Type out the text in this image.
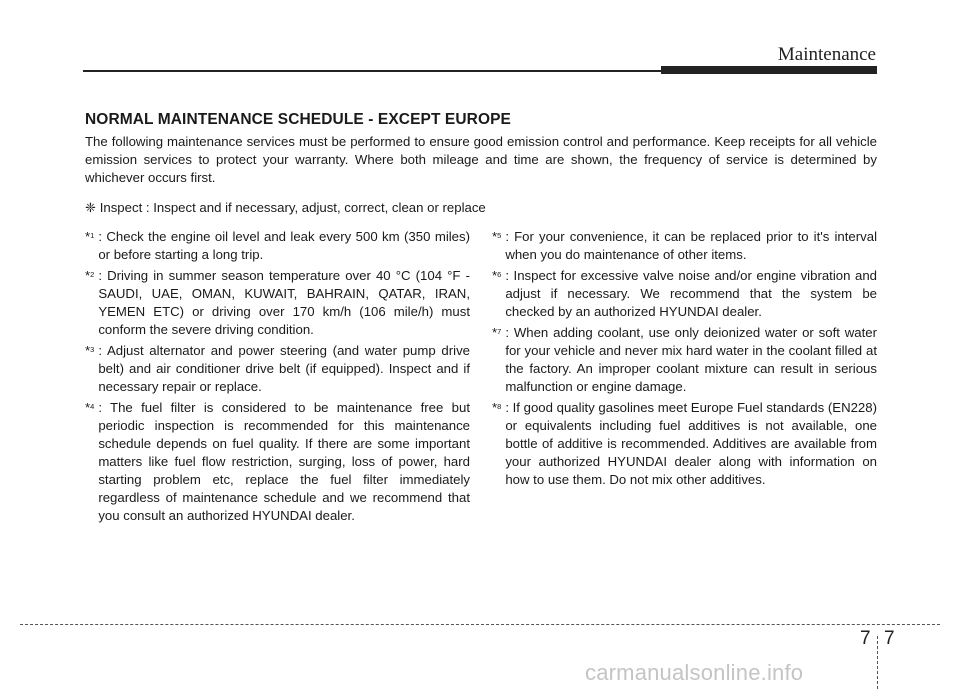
Maintenance
NORMAL MAINTENANCE SCHEDULE - EXCEPT EUROPE
The following maintenance services must be performed to ensure good emission control and performance. Keep receipts for all vehicle emission services to protect your warranty. Where both mileage and time are shown, the frequency of service is determined by whichever occurs first.
❈ Inspect : Inspect and if necessary, adjust, correct, clean or replace
*$^1$ : Check the engine oil level and leak every 500 km (350 miles) or before starting a long trip.
*$^2$ : Driving in summer season temperature over 40 °C (104 °F - SAUDI, UAE, OMAN, KUWAIT, BAHRAIN, QATAR, IRAN, YEMEN ETC) or driving over 170 km/h (106 mile/h) must conform the severe driving condition.
*$^3$ : Adjust alternator and power steering (and water pump drive belt) and air conditioner drive belt (if equipped). Inspect and if necessary repair or replace.
*$^4$ : The fuel filter is considered to be maintenance free but periodic inspection is recommended for this maintenance schedule depends on fuel quality. If there are some important matters like fuel flow restriction, surging, loss of power, hard starting problem etc, replace the fuel filter immediately regardless of maintenance schedule and we recommend that you consult an authorized HYUNDAI dealer.
*$^5$ : For your convenience, it can be replaced prior to it's interval when you do maintenance of other items.
*$^6$ : Inspect for excessive valve noise and/or engine vibration and adjust if necessary. We recommend that the system be checked by an authorized HYUNDAI dealer.
*$^7$ : When adding coolant, use only deionized water or soft water for your vehicle and never mix hard water in the coolant filled at the factory. An improper coolant mixture can result in serious malfunction or engine damage.
*$^8$ : If good quality gasolines meet Europe Fuel standards (EN228) or equivalents including fuel additives is not available, one bottle of additive is recommended. Additives are available from your authorized HYUNDAI dealer along with information on how to use them. Do not mix other additives.
7 7
carmanualsonline.info
